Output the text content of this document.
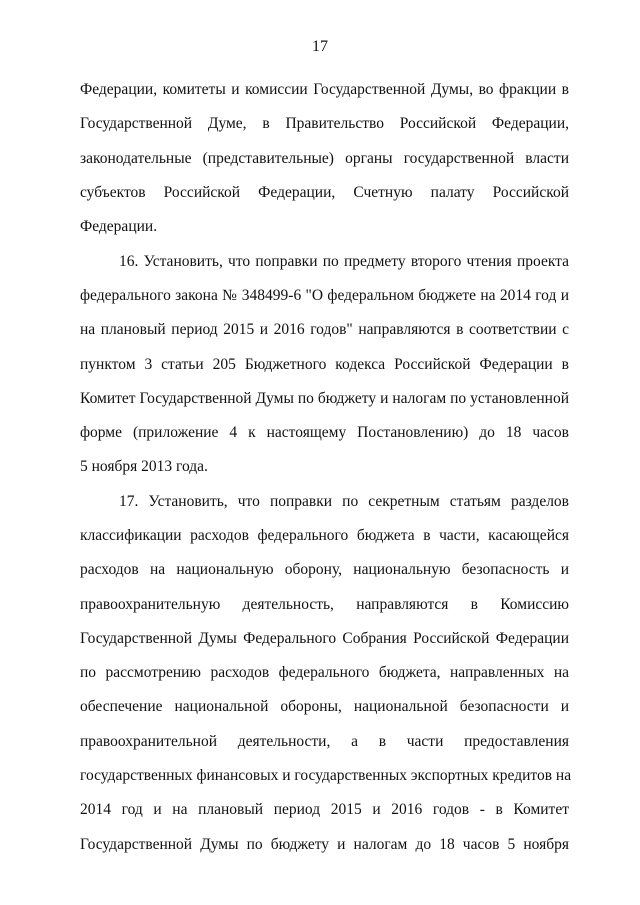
17
Федерации, комитеты и комиссии Государственной Думы, во фракции в
Государственной Думе, в Правительство Российской Федерации,
законодательные (представительные) органы государственной власти
субъектов Российской Федерации, Счетную палату Российской
Федерации.
16. Установить, что поправки по предмету второго чтения проекта
федерального закона № 348499-6 "О федеральном бюджете на 2014 год и
на плановый период 2015 и 2016 годов" направляются в соответствии с
пунктом 3 статьи 205 Бюджетного кодекса Российской Федерации в
Комитет Государственной Думы по бюджету и налогам по установленной
форме (приложение 4 к настоящему Постановлению) до 18 часов
5 ноября 2013 года.
17. Установить, что поправки по секретным статьям разделов
классификации расходов федерального бюджета в части, касающейся
расходов на национальную оборону, национальную безопасность и
правоохранительную деятельность, направляются в Комиссию
Государственной Думы Федерального Собрания Российской Федерации
по рассмотрению расходов федерального бюджета, направленных на
обеспечение национальной обороны, национальной безопасности и
правоохранительной деятельности, а в части предоставления
государственных финансовых и государственных экспортных кредитов на
2014 год и на плановый период 2015 и 2016 годов - в Комитет
Государственной Думы по бюджету и налогам до 18 часов 5 ноября
